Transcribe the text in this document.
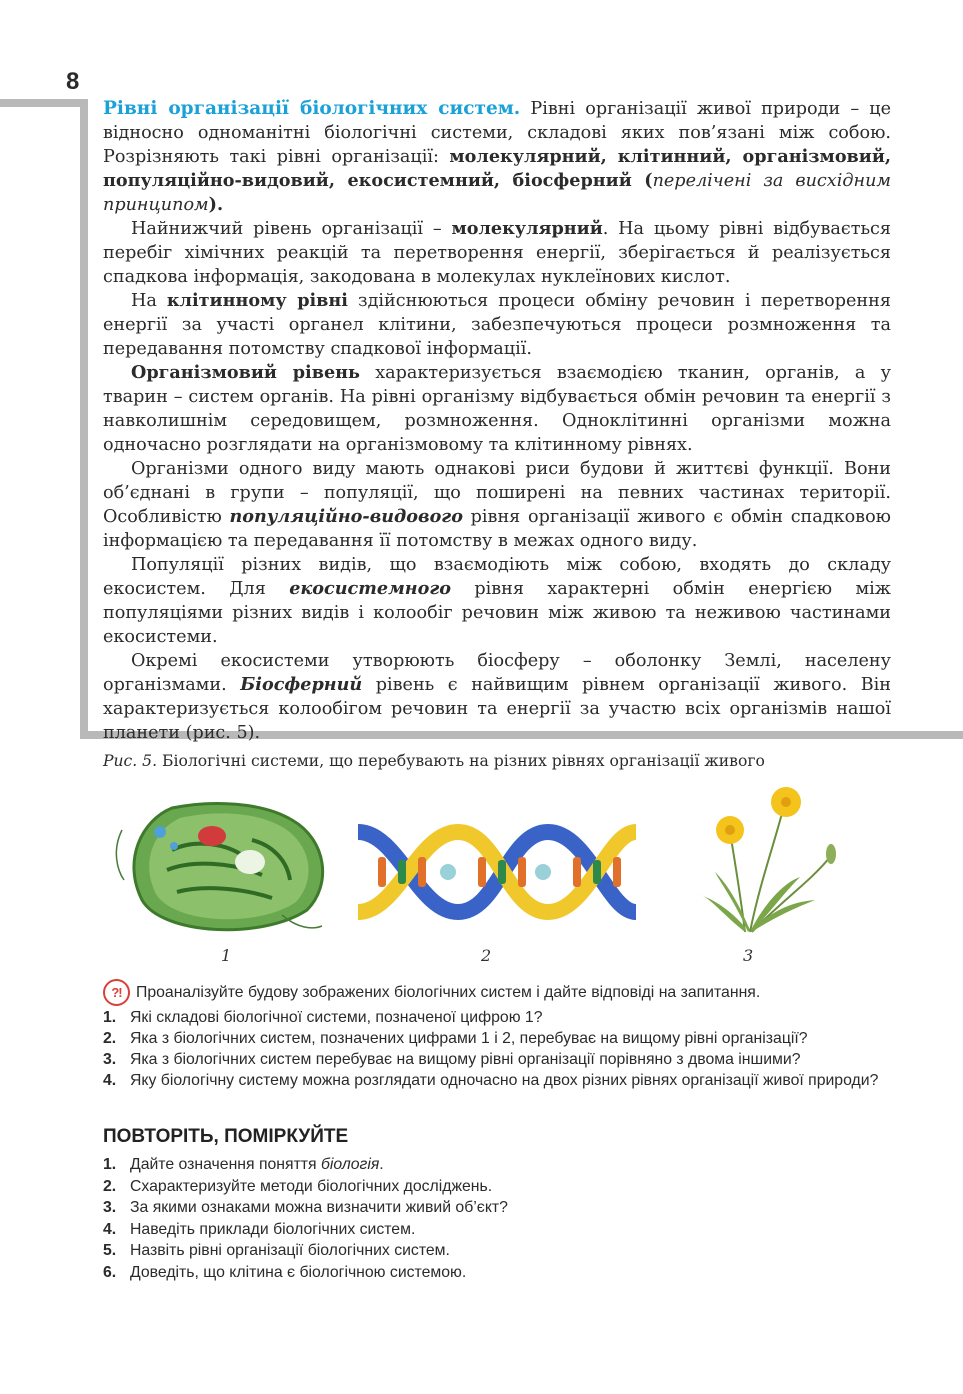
8

Рівні організації біологічних систем. Рівні організації живої природи – це відносно одноманітні біологічні системи, складові яких пов’язані між собою. Розрізняють такі рівні організації: молекулярний, клітинний, організмовий, популяційно-видовий, екосистемний, біосферний (перелічені за висхідним принципом).

Найнижчий рівень організації – молекулярний. На цьому рівні відбувається перебіг хімічних реакцій та перетворення енергії, зберігається й реалізується спадкова інформація, закодована в молекулах нуклеїнових кислот.

На клітинному рівні здійснюються процеси обміну речовин і перетворення енергії за участі органел клітини, забезпечуються процеси розмноження та передавання потомству спадкової інформації.

Організмовий рівень характеризується взаємодією тканин, органів, а у тварин – систем органів. На рівні організму відбувається обмін речовин та енергії з навколишнім середовищем, розмноження. Одноклітинні організми можна одночасно розглядати на організмовому та клітинному рівнях.

Організми одного виду мають однакові риси будови й життєві функції. Вони об’єднані в групи – популяції, що поширені на певних частинах території. Особливістю популяційно-видового рівня організації живого є обмін спадковою інформацією та передавання її потомству в межах одного виду.

Популяції різних видів, що взаємодіють між собою, входять до складу екосистем. Для екосистемного рівня характерні обмін енергією між популяціями різних видів і колообіг речовин між живою та неживою частинами екосистеми.

Окремі екосистеми утворюють біосферу – оболонку Землі, населену організмами. Біосферний рівень є найвищим рівнем організації живого. Він характеризується колообігом речовин та енергії за участю всіх організмів нашої планети (рис. 5).

Рис. 5. Біологічні системи, що перебувають на різних рівнях організації живого
1	2	3
?! Проаналізуйте будову зображених біологічних систем і дайте відповіді на запитання.
1. Які складові біологічної системи, позначеної цифрою 1?
2. Яка з біологічних систем, позначених цифрами 1 і 2, перебуває на вищому рівні організації?
3. Яка з біологічних систем перебуває на вищому рівні організації порівняно з двома іншими?
4. Яку біологічну систему можна розглядати одночасно на двох різних рівнях організації живої природи?
ПОВТОРІТЬ, ПОМІРКУЙТЕ
1. Дайте означення поняття біологія.
2. Схарактеризуйте методи біологічних досліджень.
3. За якими ознаками можна визначити живий об’єкт?
4. Наведіть приклади біологічних систем.
5. Назвіть рівні організації біологічних систем.
6. Доведіть, що клітина є біологічною системою.
